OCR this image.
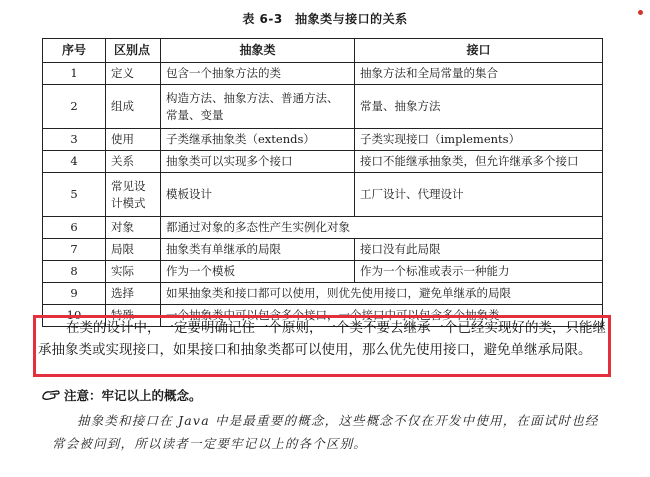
表 6-3　抽象类与接口的关系
序号	区别点	抽象类	接口
1	定义	包含一个抽象方法的类	抽象方法和全局常量的集合
2	组成	构造方法、抽象方法、普通方法、常量、变量	常量、抽象方法
3	使用	子类继承抽象类（extends）	子类实现接口（implements）
4	关系	抽象类可以实现多个接口	接口不能继承抽象类，但允许继承多个接口
5	常见设计模式	模板设计	工厂设计、代理设计
6	对象	都通过对象的多态性产生实例化对象	
7	局限	抽象类有单继承的局限	接口没有此局限
8	实际	作为一个模板	作为一个标准或表示一种能力
9	选择	如果抽象类和接口都可以使用，则优先使用接口，避免单继承的局限	
10	特殊	一个抽象类中可以包含多个接口，一个接口中可以包含多个抽象类	
在类的设计中，一定要明确记住一个原则，一个类不要去继承一个已经实现好的类，只能继承抽象类或实现接口，如果接口和抽象类都可以使用，那么优先使用接口，避免单继承局限。
注意：牢记以上的概念。
抽象类和接口在 Java 中是最重要的概念，这些概念不仅在开发中使用，在面试时也经常会被问到，所以读者一定要牢记以上的各个区别。
